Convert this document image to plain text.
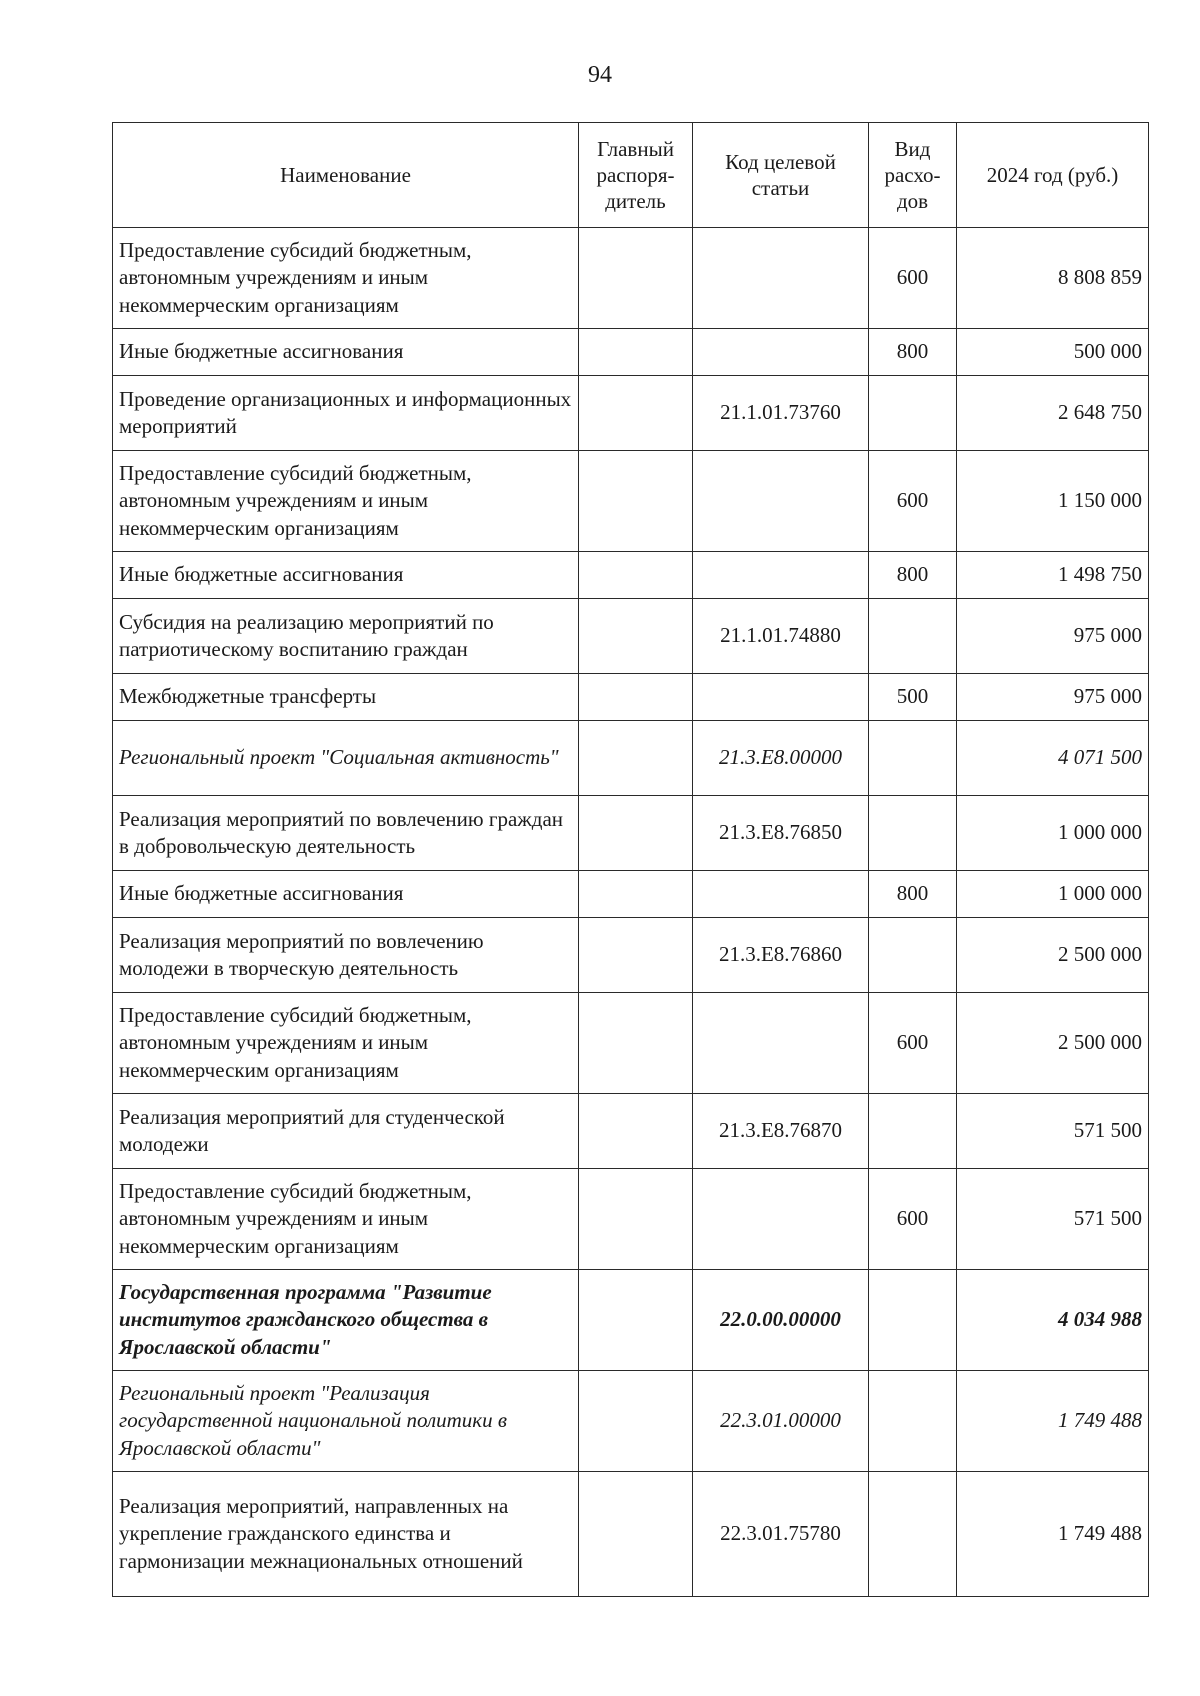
94
Наименование	Главный распоря-дитель	Код целевой статьи	Вид расхо-дов	2024 год (руб.)
Предоставление субсидий бюджетным, автономным учреждениям и иным некоммерческим организациям			600	8 808 859
Иные бюджетные ассигнования			800	500 000
Проведение организационных и информационных мероприятий		21.1.01.73760		2 648 750
Предоставление субсидий бюджетным, автономным учреждениям и иным некоммерческим организациям			600	1 150 000
Иные бюджетные ассигнования			800	1 498 750
Субсидия на реализацию мероприятий по патриотическому воспитанию граждан		21.1.01.74880		975 000
Межбюджетные трансферты			500	975 000
Региональный проект "Социальная активность"		21.3.Е8.00000		4 071 500
Реализация мероприятий по вовлечению граждан в добровольческую деятельность		21.3.Е8.76850		1 000 000
Иные бюджетные ассигнования			800	1 000 000
Реализация мероприятий по вовлечению молодежи в творческую деятельность		21.3.Е8.76860		2 500 000
Предоставление субсидий бюджетным, автономным учреждениям и иным некоммерческим организациям			600	2 500 000
Реализация мероприятий для студенческой молодежи		21.3.Е8.76870		571 500
Предоставление субсидий бюджетным, автономным учреждениям и иным некоммерческим организациям			600	571 500
Государственная программа "Развитие институтов гражданского общества в Ярославской области"		22.0.00.00000		4 034 988
Региональный проект "Реализация государственной национальной политики в Ярославской области"		22.3.01.00000		1 749 488
Реализация мероприятий, направленных на укрепление гражданского единства и гармонизации межнациональных отношений		22.3.01.75780		1 749 488
